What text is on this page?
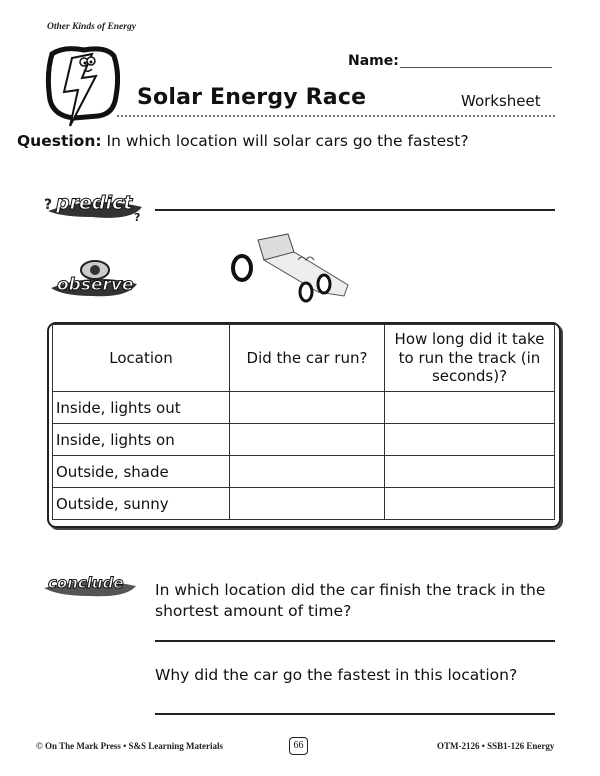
Other Kinds of Energy
Name:
Solar Energy Race	Worksheet
Question: In which location will solar cars go the fastest?
predict
?
?
observe
Location	Did the car run?	How long did it take to run the track (in seconds)?
Inside, lights out		
Inside, lights on		
Outside, shade		
Outside, sunny		
conclude In which location did the car finish the track in the shortest amount of time?
Why did the car go the fastest in this location?
© On The Mark Press • S&S Learning Materials	66	OTM-2126 • SSB1-126 Energy
